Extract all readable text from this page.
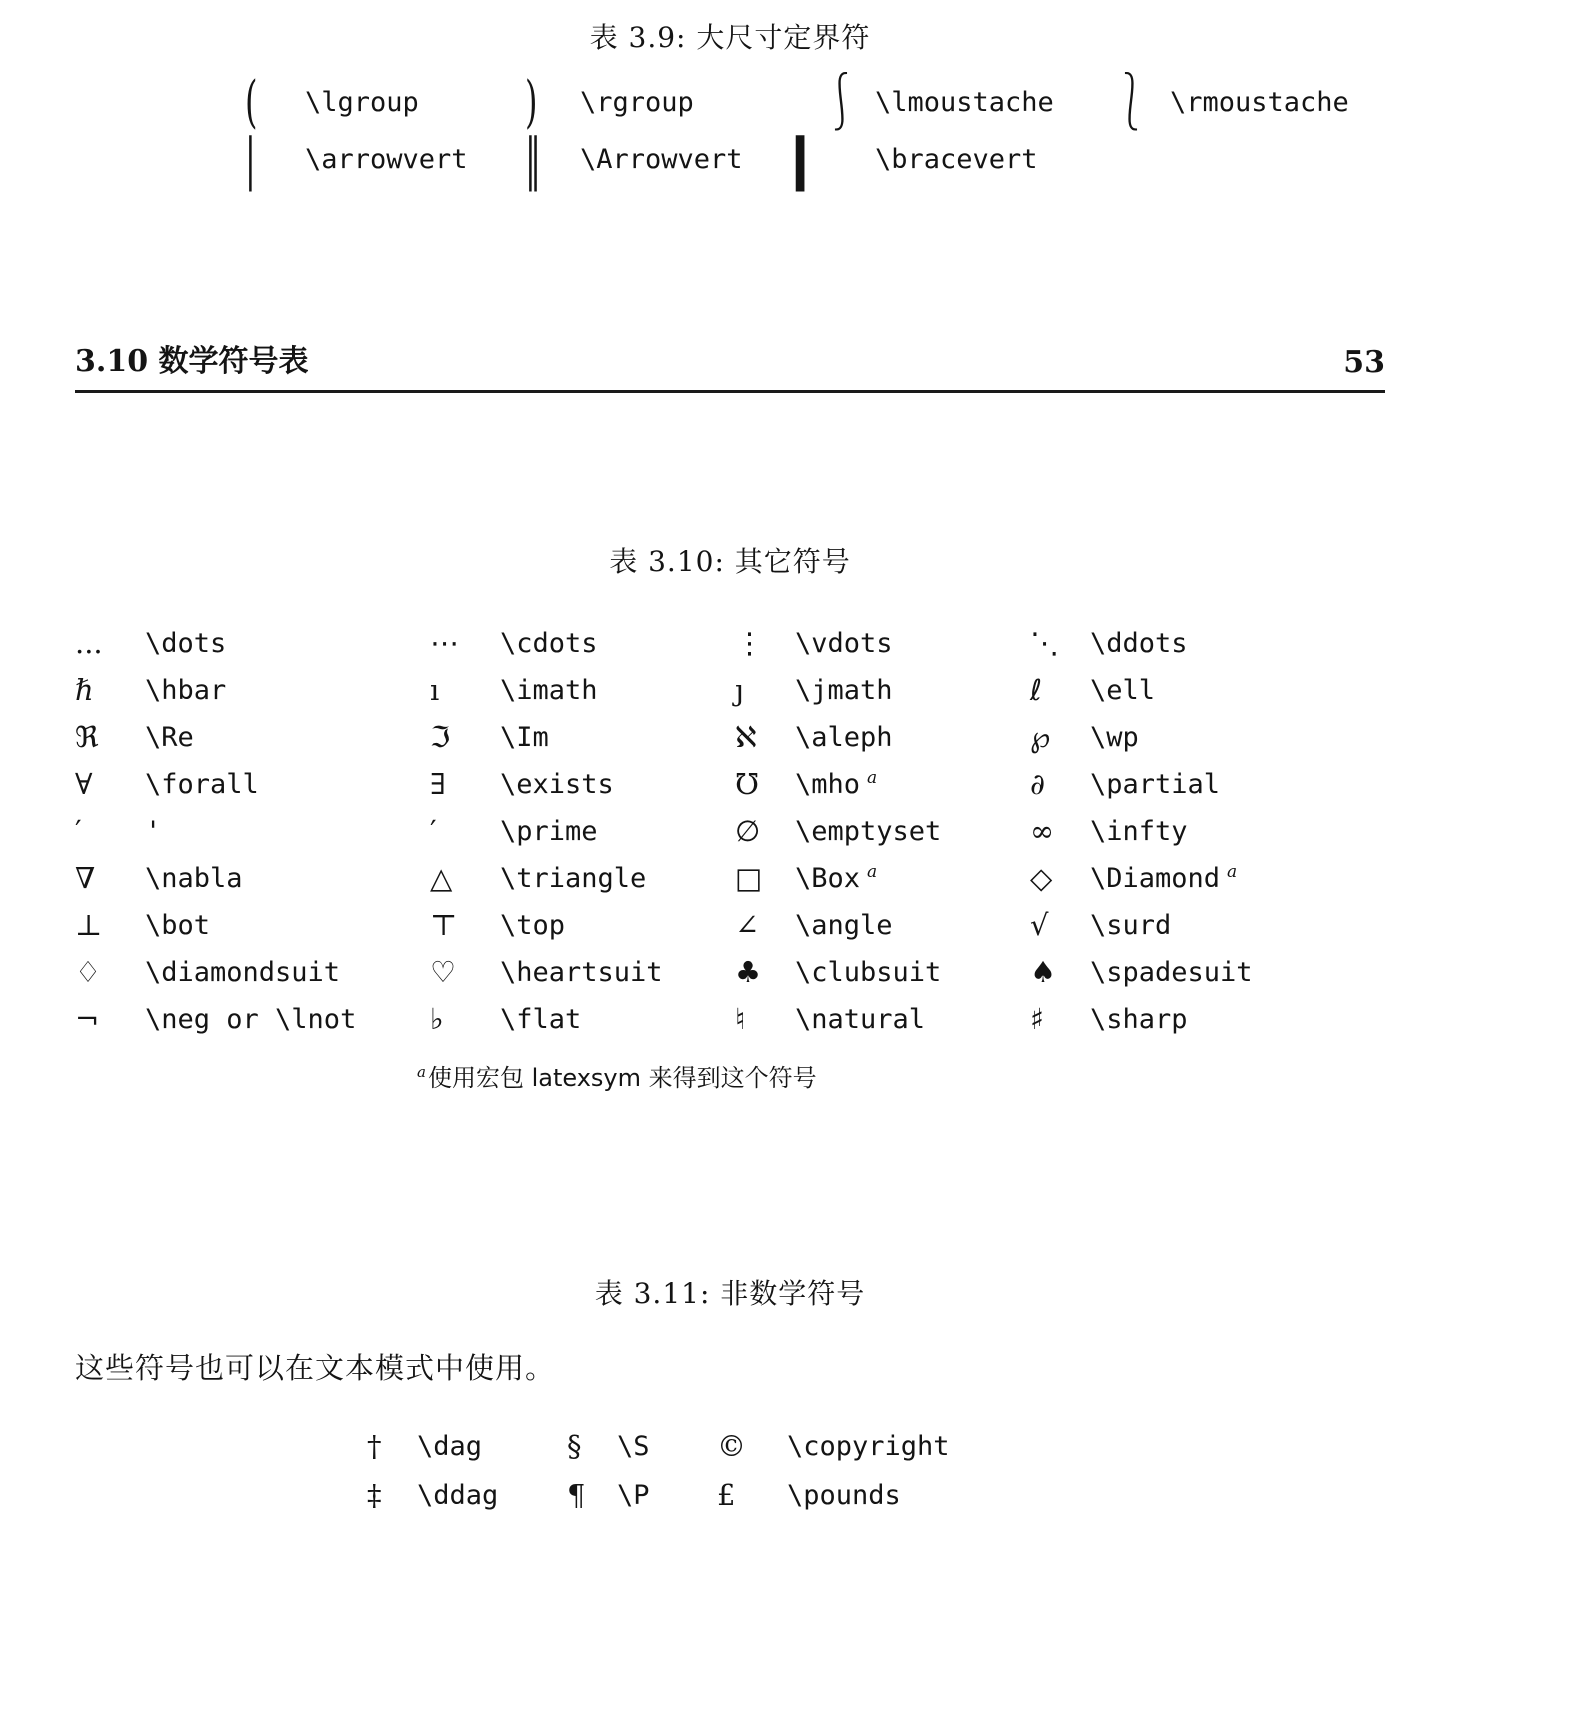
表 3.9: 大尺寸定界符
(	\lgroup	)	\rgroup	⎰ \lmoustache	⎱ \rmoustache
|	\arrowvert	‖	\Arrowvert	|	\bracevert
3.10 数学符号表	53
表 3.10: 其它符号
...	\dots	⋯	\cdots	⋮	\vdots	⋱	\ddots
ℏ	\hbar	ı	\imath	ȷ	\jmath	ℓ	\ell
ℜ	\Re	ℑ	\Im	ℵ	\aleph	℘	\wp
∀	\forall	∃	\exists	℧	\mho $^a$	∂	\partial
′	'	′	\prime	∅	\emptyset	∞	\infty
∇	\nabla	△	\triangle	□	\Box $^a$	◇	\Diamond $^a$
⊥	\bot	⊤	\top	∠	\angle	√	\surd
♢	\diamondsuit	♡	\heartsuit	♣	\clubsuit	♠	\spadesuit
¬	\neg or \lnot	♭	\flat	♮	\natural	♯	\sharp
$^a$使用宏包 latexsym 来得到这个符号
表 3.11: 非数学符号
这些符号也可以在文本模式中使用。
†	\dag	§	\S	©	\copyright
‡	\ddag	¶	\P	£	\pounds
